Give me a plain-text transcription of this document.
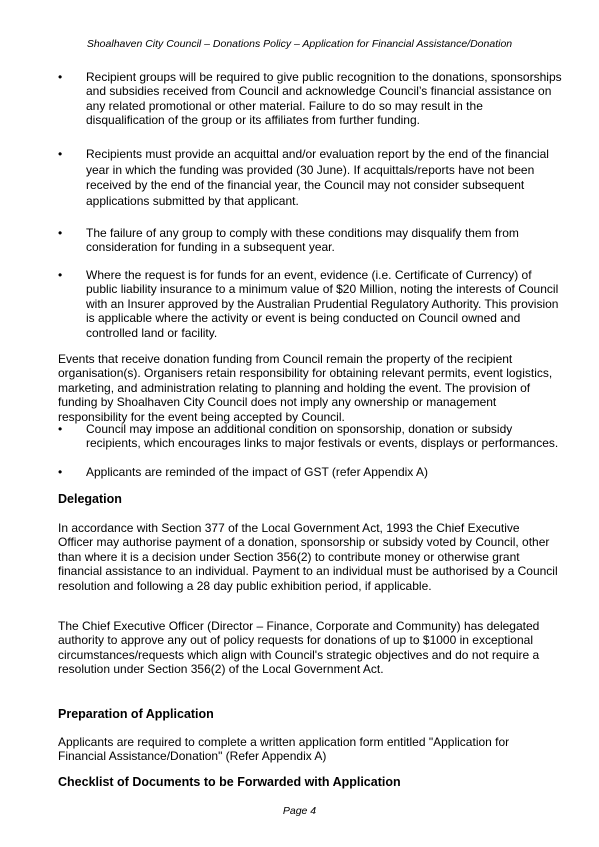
Shoalhaven City Council – Donations Policy – Application for Financial Assistance/Donation
•	Recipient groups will be required to give public recognition to the donations, sponsorships and subsidies received from Council and acknowledge Council’s financial assistance on any related promotional or other material. Failure to do so may result in the disqualification of the group or its affiliates from further funding.
•	Recipients must provide an acquittal and/or evaluation report by the end of the financial year in which the funding was provided (30 June). If acquittals/reports have not been received by the end of the financial year, the Council may not consider subsequent applications submitted by that applicant.
•	The failure of any group to comply with these conditions may disqualify them from consideration for funding in a subsequent year.
•	Where the request is for funds for an event, evidence (i.e. Certificate of Currency) of public liability insurance to a minimum value of $20 Million, noting the interests of Council with an Insurer approved by the Australian Prudential Regulatory Authority. This provision is applicable where the activity or event is being conducted on Council owned and controlled land or facility.
Events that receive donation funding from Council remain the property of the recipient organisation(s). Organisers retain responsibility for obtaining relevant permits, event logistics, marketing, and administration relating to planning and holding the event. The provision of funding by Shoalhaven City Council does not imply any ownership or management responsibility for the event being accepted by Council.
•	Council may impose an additional condition on sponsorship, donation or subsidy recipients, which encourages links to major festivals or events, displays or performances.
•	Applicants are reminded of the impact of GST (refer Appendix A)
Delegation
In accordance with Section 377 of the Local Government Act, 1993 the Chief Executive Officer may authorise payment of a donation, sponsorship or subsidy voted by Council, other than where it is a decision under Section 356(2) to contribute money or otherwise grant financial assistance to an individual. Payment to an individual must be authorised by a Council resolution and following a 28 day public exhibition period, if applicable.
The Chief Executive Officer (Director – Finance, Corporate and Community) has delegated authority to approve any out of policy requests for donations of up to $1000 in exceptional circumstances/requests which align with Council's strategic objectives and do not require a resolution under Section 356(2) of the Local Government Act.
Preparation of Application
Applicants are required to complete a written application form entitled "Application for Financial Assistance/Donation" (Refer Appendix A)
Checklist of Documents to be Forwarded with Application
Page 4
